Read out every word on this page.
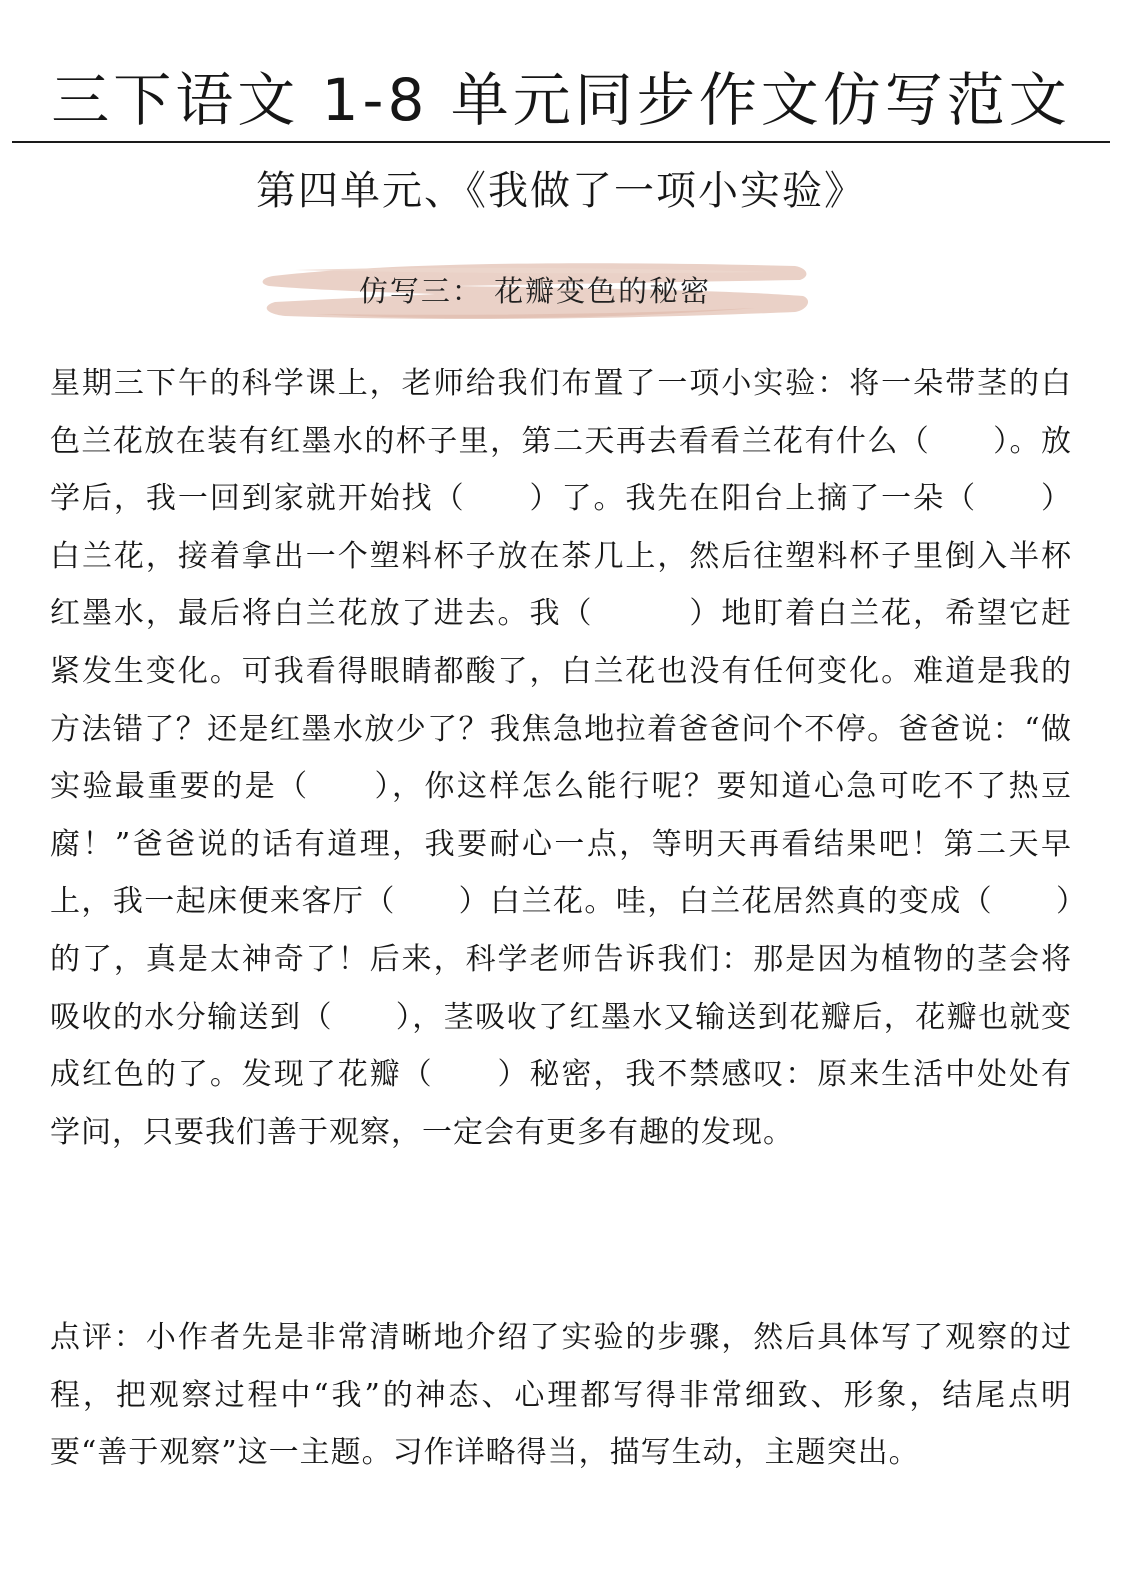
三下语文 1-8 单元同步作文仿写范文
第四单元、《我做了一项小实验》
仿写三： 花瓣变色的秘密

星期三下午的科学课上，老师给我们布置了一项小实验：将一朵带茎的白色兰花放在装有红墨水的杯子里，第二天再去看看兰花有什么（　　）。放学后，我一回到家就开始找（　　）了。我先在阳台上摘了一朵（　　）白兰花，接着拿出一个塑料杯子放在茶几上，然后往塑料杯子里倒入半杯红墨水，最后将白兰花放了进去。我（　　　）地盯着白兰花，希望它赶紧发生变化。可我看得眼睛都酸了，白兰花也没有任何变化。难道是我的方法错了？还是红墨水放少了？我焦急地拉着爸爸问个不停。爸爸说：“做实验最重要的是（　　），你这样怎么能行呢？要知道心急可吃不了热豆腐！”爸爸说的话有道理，我要耐心一点，等明天再看结果吧！第二天早上，我一起床便来客厅（　　）白兰花。哇，白兰花居然真的变成（　　）的了，真是太神奇了！后来，科学老师告诉我们：那是因为植物的茎会将吸收的水分输送到（　　），茎吸收了红墨水又输送到花瓣后，花瓣也就变成红色的了。发现了花瓣（　　）秘密，我不禁感叹：原来生活中处处有学问，只要我们善于观察，一定会有更多有趣的发现。

点评：小作者先是非常清晰地介绍了实验的步骤，然后具体写了观察的过程，把观察过程中“我”的神态、心理都写得非常细致、形象，结尾点明要“善于观察”这一主题。习作详略得当，描写生动，主题突出。
